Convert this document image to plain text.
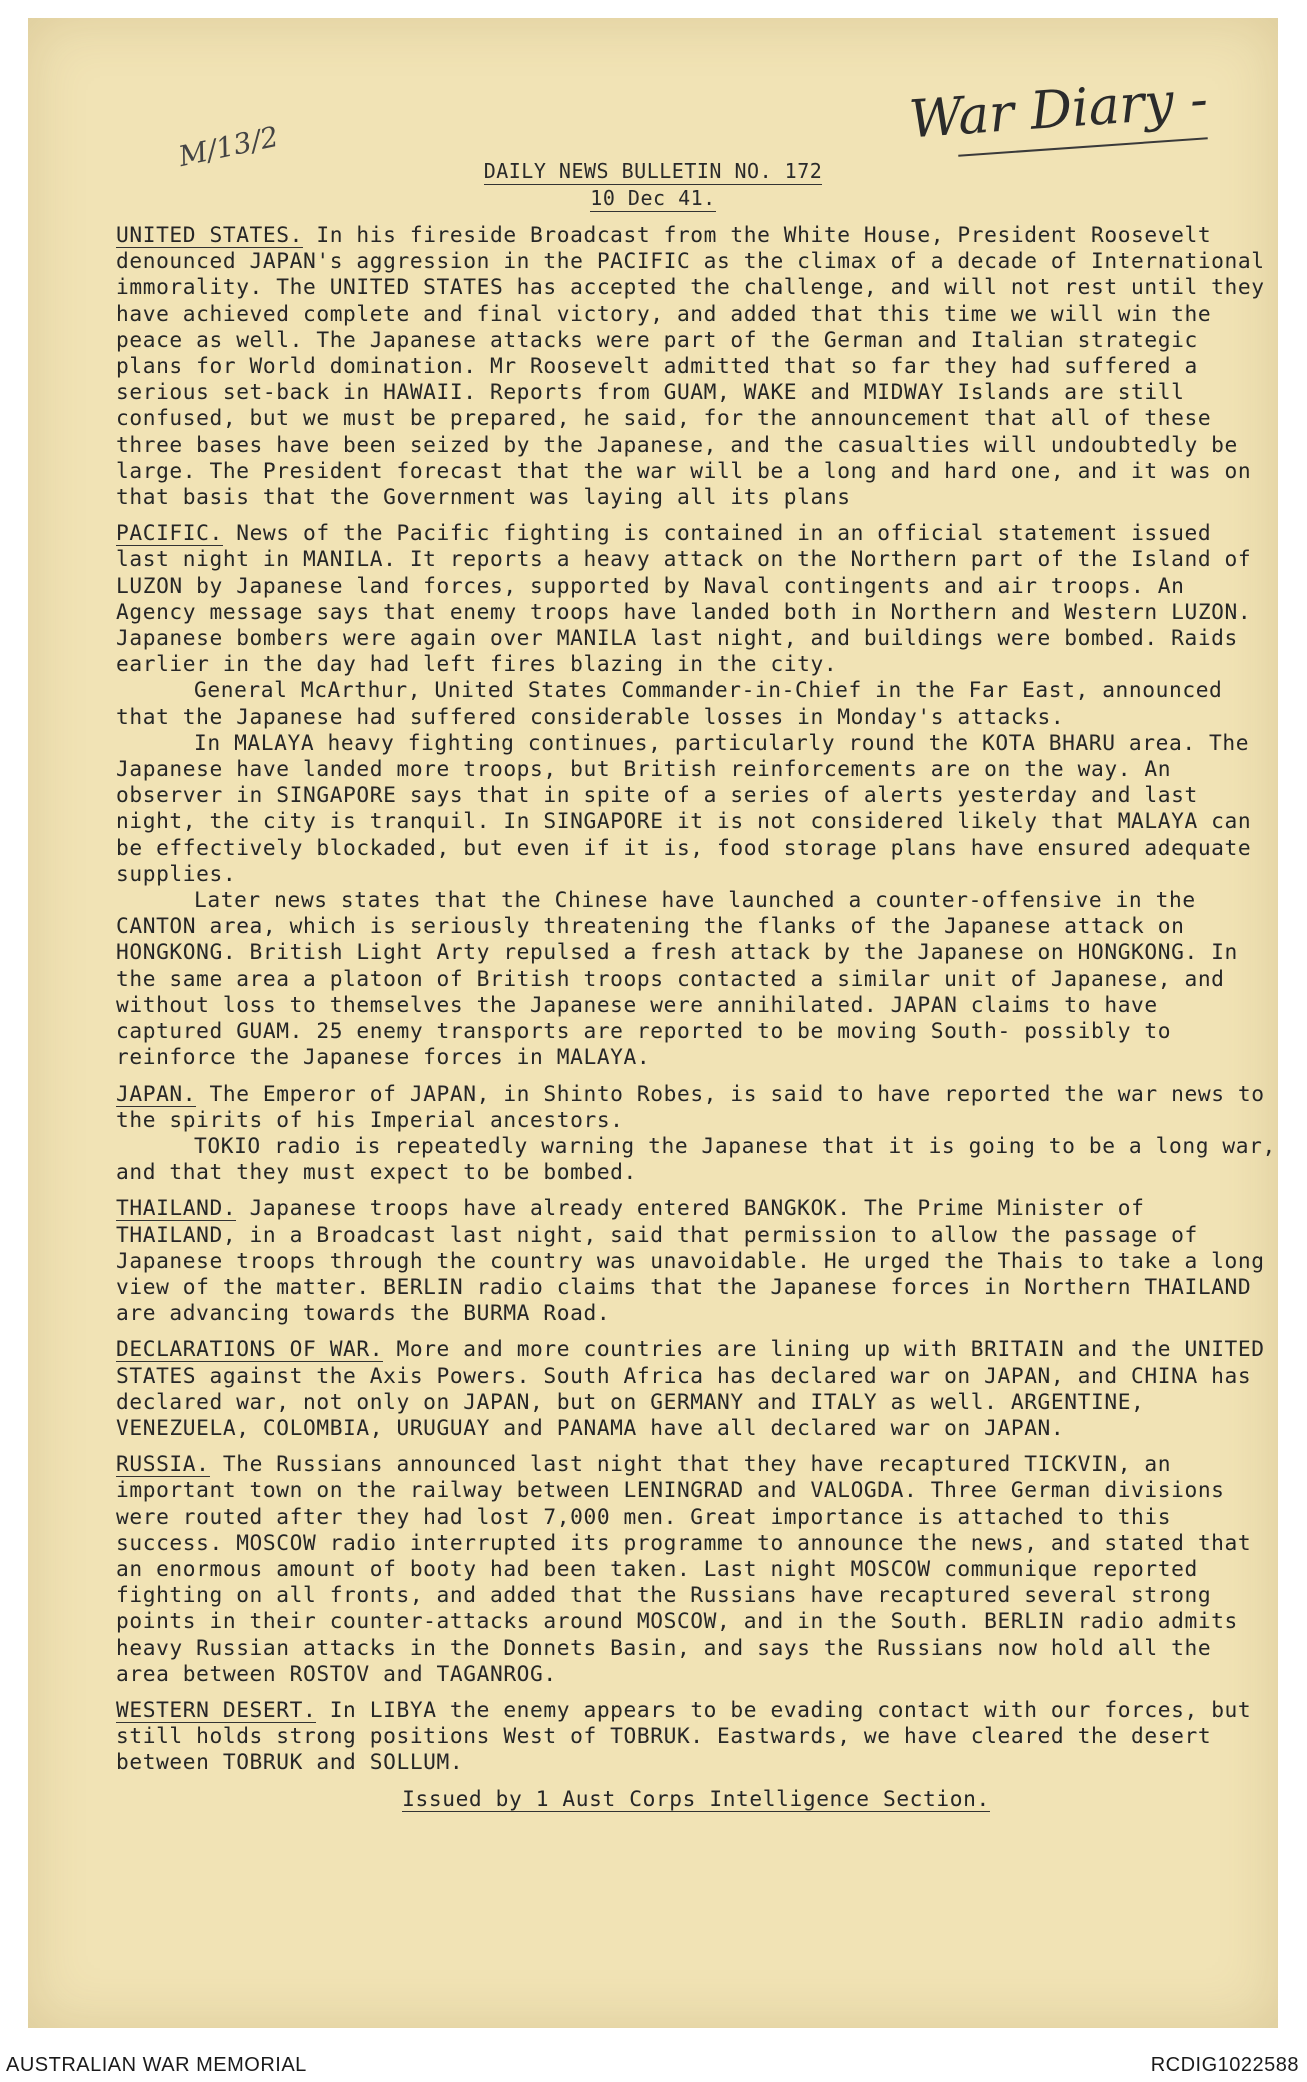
M/13/2	War Diary -
DAILY NEWS BULLETIN NO. 172
10 Dec 41.

UNITED STATES. In his fireside Broadcast from the White House, President Roosevelt denounced JAPAN's aggression in the PACIFIC as the climax of a decade of International immorality. The UNITED STATES has accepted the challenge, and will not rest until they have achieved complete and final victory, and added that this time we will win the peace as well. The Japanese attacks were part of the German and Italian strategic plans for World domination. Mr Roosevelt admitted that so far they had suffered a serious set-back in HAWAII. Reports from GUAM, WAKE and MIDWAY Islands are still confused, but we must be prepared, he said, for the announcement that all of these three bases have been seized by the Japanese, and the casualties will undoubtedly be large. The President forecast that the war will be a long and hard one, and it was on that basis that the Government was laying all its plans

PACIFIC. News of the Pacific fighting is contained in an official statement issued last night in MANILA. It reports a heavy attack on the Northern part of the Island of LUZON by Japanese land forces, supported by Naval contingents and air troops. An Agency message says that enemy troops have landed both in Northern and Western LUZON. Japanese bombers were again over MANILA last night, and buildings were bombed. Raids earlier in the day had left fires blazing in the city.

General McArthur, United States Commander-in-Chief in the Far East, announced that the Japanese had suffered considerable losses in Monday's attacks.

In MALAYA heavy fighting continues, particularly round the KOTA BHARU area. The Japanese have landed more troops, but British reinforcements are on the way. An observer in SINGAPORE says that in spite of a series of alerts yesterday and last night, the city is tranquil. In SINGAPORE it is not considered likely that MALAYA can be effectively blockaded, but even if it is, food storage plans have ensured adequate supplies.

Later news states that the Chinese have launched a counter-offensive in the CANTON area, which is seriously threatening the flanks of the Japanese attack on HONGKONG. British Light Arty repulsed a fresh attack by the Japanese on HONGKONG. In the same area a platoon of British troops contacted a similar unit of Japanese, and without loss to themselves the Japanese were annihilated. JAPAN claims to have captured GUAM. 25 enemy transports are reported to be moving South- possibly to reinforce the Japanese forces in MALAYA.

JAPAN. The Emperor of JAPAN, in Shinto Robes, is said to have reported the war news to the spirits of his Imperial ancestors.

TOKIO radio is repeatedly warning the Japanese that it is going to be a long war, and that they must expect to be bombed.

THAILAND. Japanese troops have already entered BANGKOK. The Prime Minister of THAILAND, in a Broadcast last night, said that permission to allow the passage of Japanese troops through the country was unavoidable. He urged the Thais to take a long view of the matter. BERLIN radio claims that the Japanese forces in Northern THAILAND are advancing towards the BURMA Road.

DECLARATIONS OF WAR. More and more countries are lining up with BRITAIN and the UNITED STATES against the Axis Powers. South Africa has declared war on JAPAN, and CHINA has declared war, not only on JAPAN, but on GERMANY and ITALY as well. ARGENTINE, VENEZUELA, COLOMBIA, URUGUAY and PANAMA have all declared war on JAPAN.

RUSSIA. The Russians announced last night that they have recaptured TICKVIN, an important town on the railway between LENINGRAD and VALOGDA. Three German divisions were routed after they had lost 7,000 men. Great importance is attached to this success. MOSCOW radio interrupted its programme to announce the news, and stated that an enormous amount of booty had been taken. Last night MOSCOW communique reported fighting on all fronts, and added that the Russians have recaptured several strong points in their counter-attacks around MOSCOW, and in the South. BERLIN radio admits heavy Russian attacks in the Donnets Basin, and says the Russians now hold all the area between ROSTOV and TAGANROG.

WESTERN DESERT. In LIBYA the enemy appears to be evading contact with our forces, but still holds strong positions West of TOBRUK. Eastwards, we have cleared the desert between TOBRUK and SOLLUM.

Issued by 1 Aust Corps Intelligence Section.
AUSTRALIAN WAR MEMORIAL	RCDIG1022588
